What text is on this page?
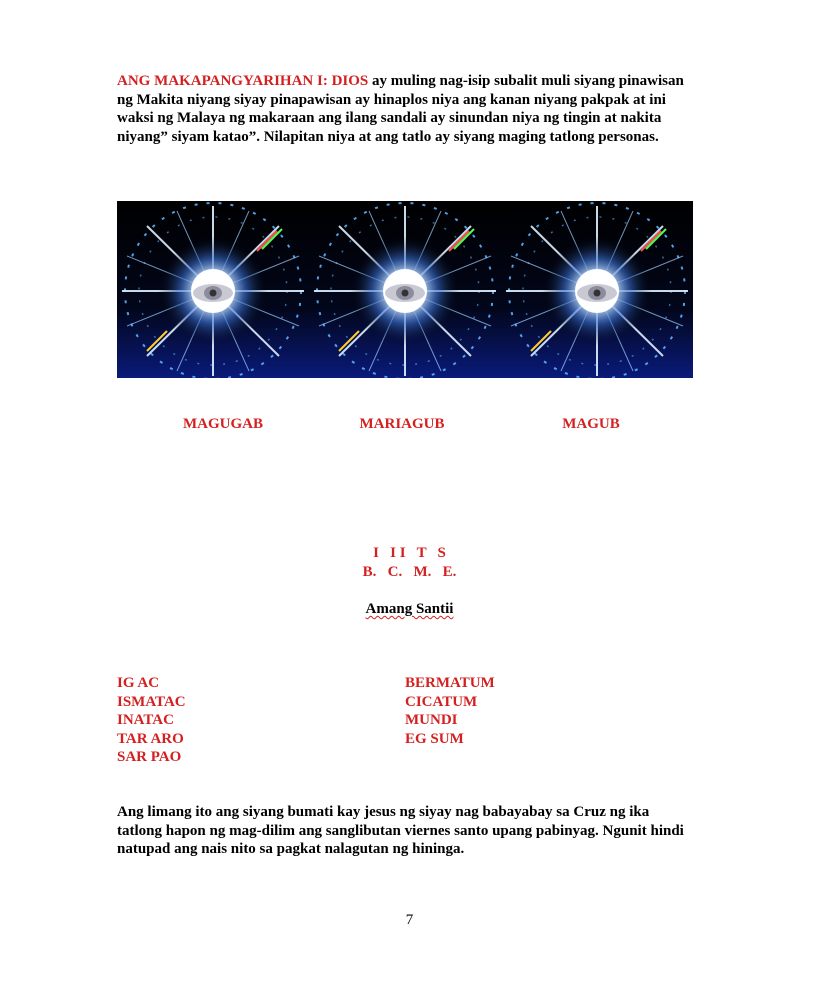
ANG MAKAPANGYARIHAN I: DIOS ay muling nag-isip subalit muli siyang pinawisan ng Makita niyang siyay pinapawisan ay hinaplos niya ang kanan niyang pakpak at ini waksi ng Malaya ng makaraan ang ilang sandali ay sinundan niya ng tingin at nakita niyang” siyam katao”. Nilapitan niya at ang tatlo ay siyang maging tatlong personas.

MAGUGAB	MARIAGUB	MAGUB
I   I I   T   S
B.   C.   M.   E.
Amang Santii
IG AC
ISMATAC
INATAC
TAR ARO
SAR PAO
BERMATUM
CICATUM
MUNDI
EG SUM

Ang limang ito ang siyang bumati kay jesus ng siyay nag babayabay sa Cruz ng ika tatlong hapon ng mag-dilim ang sanglibutan viernes santo upang pabinyag. Ngunit hindi natupad ang nais nito sa pagkat nalagutan ng hininga.

7
